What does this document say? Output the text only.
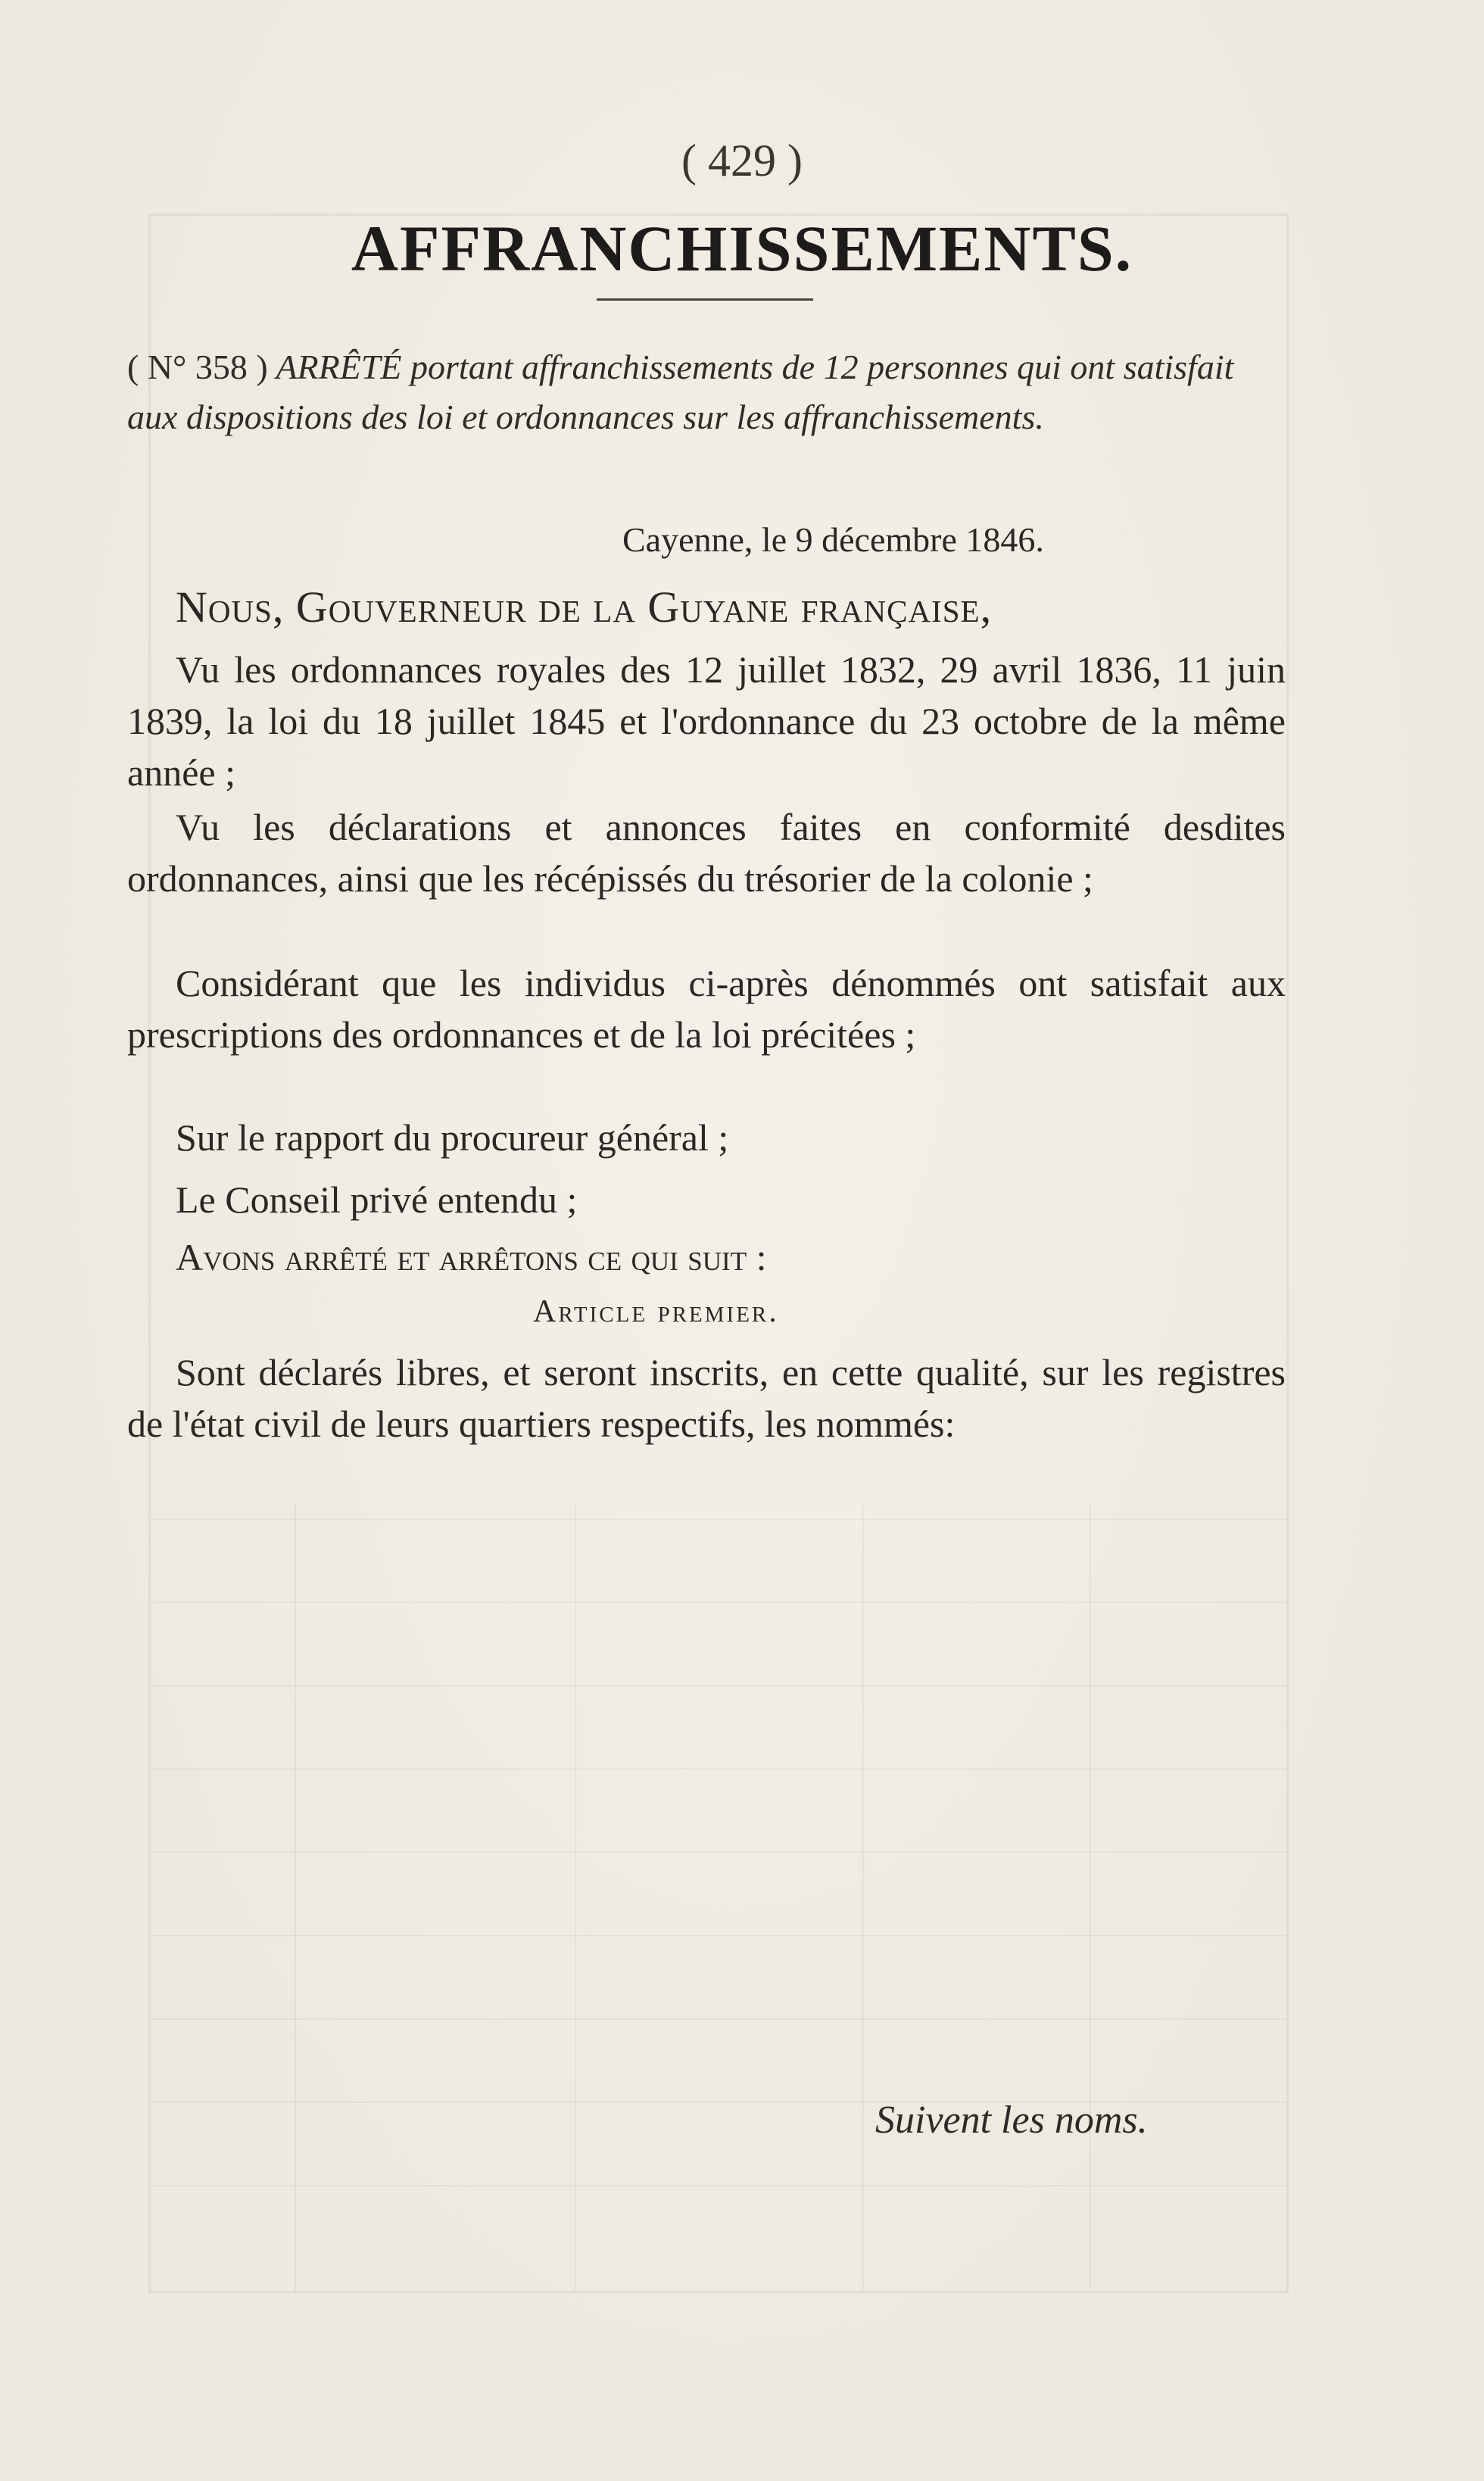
( 429 )
AFFRANCHISSEMENTS.
( N° 358 ) ARRÊTÉ portant affranchissements de 12 personnes qui ont satisfait aux dispositions des loi et ordonnances sur les affranchissements.
Cayenne, le 9 décembre 1846.
Nous, Gouverneur de la Guyane française,
Vu les ordonnances royales des 12 juillet 1832, 29 avril 1836, 11 juin 1839, la loi du 18 juillet 1845 et l'ordonnance du 23 octobre de la même année ;
Vu les déclarations et annonces faites en conformité desdites ordonnances, ainsi que les récépissés du trésorier de la colonie ;
Considérant que les individus ci-après dénommés ont satisfait aux prescriptions des ordonnances et de la loi précitées ;
Sur le rapport du procureur général ;
Le Conseil privé entendu ;
Avons arrêté et arrêtons ce qui suit :
Article premier.
Sont déclarés libres, et seront inscrits, en cette qualité, sur les registres de l'état civil de leurs quartiers respectifs, les nommés:
Suivent les noms.
